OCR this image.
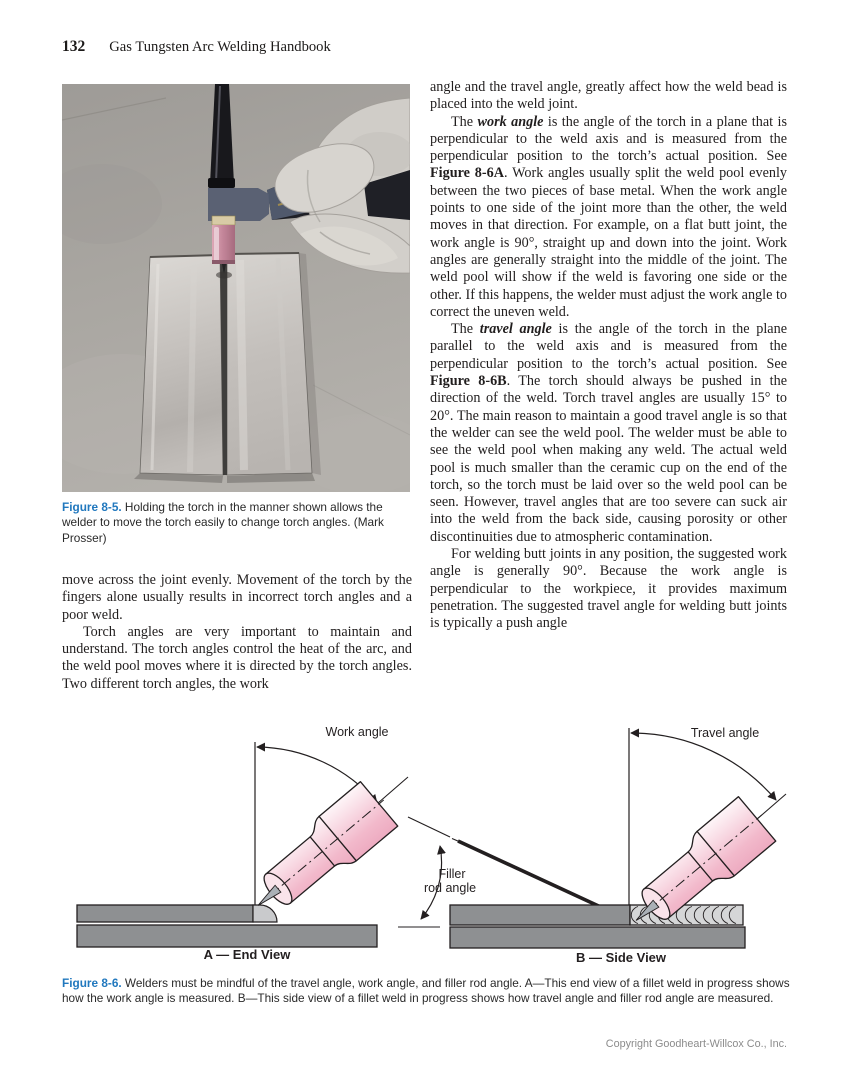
132 Gas Tungsten Arc Welding Handbook

Figure 8-5. Holding the torch in the manner shown allows the welder to move the torch easily to change torch angles. (Mark Prosser)

move across the joint evenly. Movement of the torch by the fingers alone usually results in incorrect torch angles and a poor weld.

Torch angles are very important to maintain and understand. The torch angles control the heat of the arc, and the weld pool moves where it is directed by the torch angles. Two different torch angles, the work

angle and the travel angle, greatly affect how the weld bead is placed into the weld joint.

The work angle is the angle of the torch in a plane that is perpendicular to the weld axis and is measured from the perpendicular position to the torch’s actual position. See Figure 8-6A. Work angles usually split the weld pool evenly between the two pieces of base metal. When the work angle points to one side of the joint more than the other, the weld moves in that direction. For example, on a flat butt joint, the work angle is 90°, straight up and down into the joint. Work angles are generally straight into the middle of the joint. The weld pool will show if the weld is favoring one side or the other. If this happens, the welder must adjust the work angle to correct the uneven weld.

The travel angle is the angle of the torch in the plane parallel to the weld axis and is measured from the perpendicular position to the torch’s actual position. See Figure 8-6B. The torch should always be pushed in the direction of the weld. Torch travel angles are usually 15° to 20°. The main reason to maintain a good travel angle is so that the welder can see the weld pool. The welder must be able to see the weld pool when making any weld. The actual weld pool is much smaller than the ceramic cup on the end of the torch, so the torch must be laid over so the weld pool can be seen. However, travel angles that are too severe can suck air into the weld from the back side, causing porosity or other discontinuities due to atmospheric contamination.

For welding butt joints in any position, the suggested work angle is generally 90°. Because the work angle is perpendicular to the workpiece, it provides maximum penetration. The suggested travel angle for welding butt joints is typically a push angle

Work angle
A — End View
Travel angle
Filler
rod angle
B — Side View

Figure 8-6. Welders must be mindful of the travel angle, work angle, and filler rod angle. A—This end view of a fillet weld in progress shows how the work angle is measured. B—This side view of a fillet weld in progress shows how travel angle and filler rod angle are measured.

Copyright Goodheart-Willcox Co., Inc.
